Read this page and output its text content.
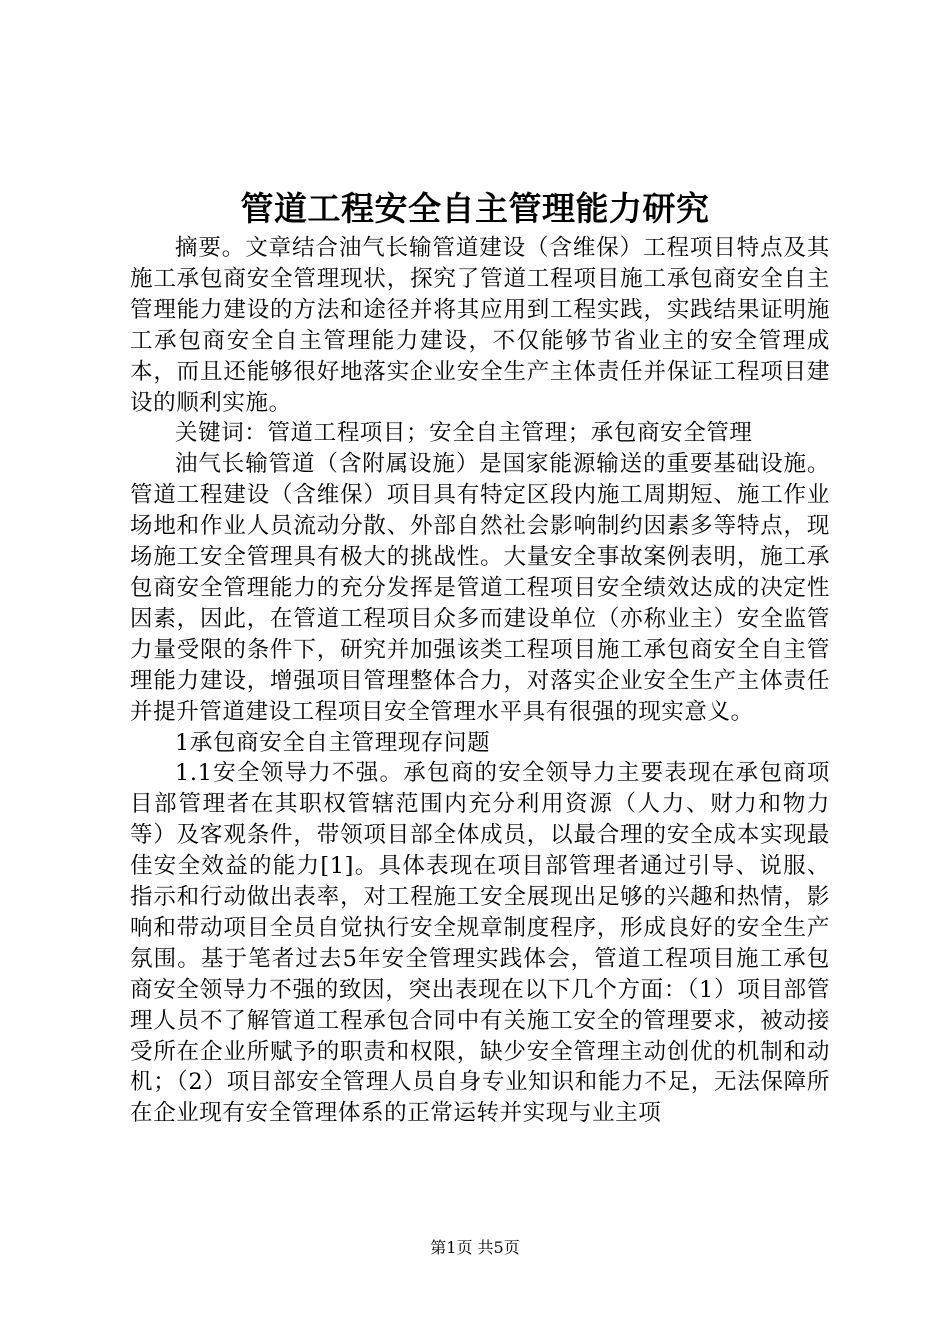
管道工程安全自主管理能力研究

摘要。文章结合油气长输管道建设（含维保）工程项目特点及其施工承包商安全管理现状，探究了管道工程项目施工承包商安全自主管理能力建设的方法和途径并将其应用到工程实践，实践结果证明施工承包商安全自主管理能力建设，不仅能够节省业主的安全管理成本，而且还能够很好地落实企业安全生产主体责任并保证工程项目建设的顺利实施。

关键词：管道工程项目；安全自主管理；承包商安全管理

油气长输管道（含附属设施）是国家能源输送的重要基础设施。管道工程建设（含维保）项目具有特定区段内施工周期短、施工作业场地和作业人员流动分散、外部自然社会影响制约因素多等特点，现场施工安全管理具有极大的挑战性。大量安全事故案例表明，施工承包商安全管理能力的充分发挥是管道工程项目安全绩效达成的决定性因素，因此，在管道工程项目众多而建设单位（亦称业主）安全监管力量受限的条件下，研究并加强该类工程项目施工承包商安全自主管理能力建设，增强项目管理整体合力，对落实企业安全生产主体责任并提升管道建设工程项目安全管理水平具有很强的现实意义。

1承包商安全自主管理现存问题

1.1安全领导力不强。承包商的安全领导力主要表现在承包商项目部管理者在其职权管辖范围内充分利用资源（人力、财力和物力等）及客观条件，带领项目部全体成员，以最合理的安全成本实现最佳安全效益的能力[1]。具体表现在项目部管理者通过引导、说服、指示和行动做出表率，对工程施工安全展现出足够的兴趣和热情，影响和带动项目全员自觉执行安全规章制度程序，形成良好的安全生产氛围。基于笔者过去5年安全管理实践体会，管道工程项目施工承包商安全领导力不强的致因，突出表现在以下几个方面：（1）项目部管理人员不了解管道工程承包合同中有关施工安全的管理要求，被动接受所在企业所赋予的职责和权限，缺少安全管理主动创优的机制和动机；（2）项目部安全管理人员自身专业知识和能力不足，无法保障所在企业现有安全管理体系的正常运转并实现与业主项

第1页 共5页
